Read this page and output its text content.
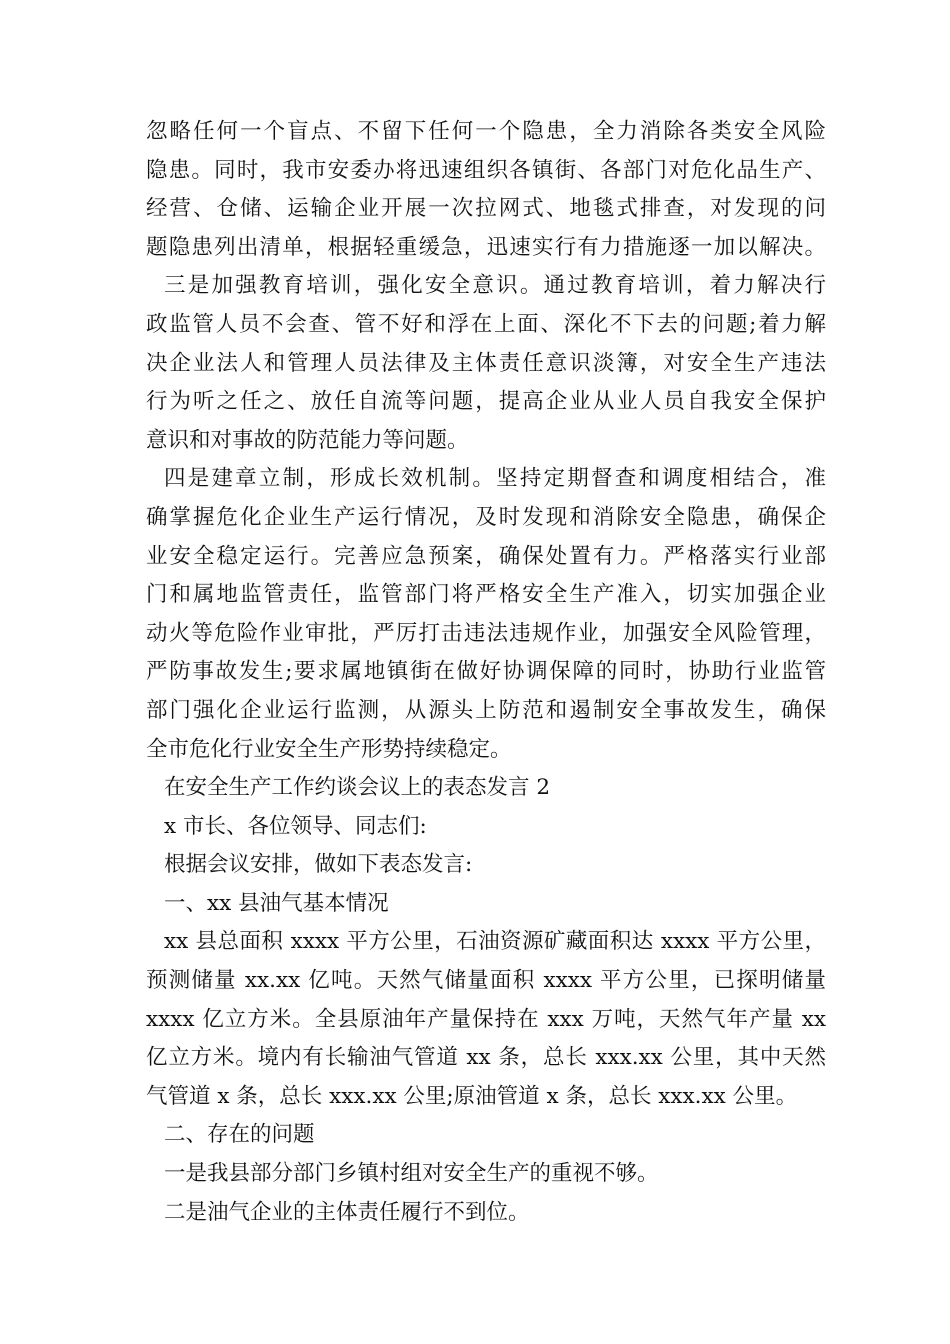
忽略任何一个盲点、不留下任何一个隐患，全力消除各类安全风险
隐患。同时，我市安委办将迅速组织各镇街、各部门对危化品生产、
经营、仓储、运输企业开展一次拉网式、地毯式排查，对发现的问
题隐患列出清单，根据轻重缓急，迅速实行有力措施逐一加以解决。
三是加强教育培训，强化安全意识。通过教育培训，着力解决行
政监管人员不会查、管不好和浮在上面、深化不下去的问题;着力解
决企业法人和管理人员法律及主体责任意识淡簿，对安全生产违法
行为听之任之、放任自流等问题，提高企业从业人员自我安全保护
意识和对事故的防范能力等问题。
四是建章立制，形成长效机制。坚持定期督查和调度相结合，准
确掌握危化企业生产运行情况，及时发现和消除安全隐患，确保企
业安全稳定运行。完善应急预案，确保处置有力。严格落实行业部
门和属地监管责任，监管部门将严格安全生产准入，切实加强企业
动火等危险作业审批，严厉打击违法违规作业，加强安全风险管理，
严防事故发生;要求属地镇街在做好协调保障的同时，协助行业监管
部门强化企业运行监测，从源头上防范和遏制安全事故发生，确保
全市危化行业安全生产形势持续稳定。
在安全生产工作约谈会议上的表态发言 2
x 市长、各位领导、同志们:
根据会议安排，做如下表态发言:
一、xx 县油气基本情况
xx 县总面积 xxxx 平方公里，石油资源矿藏面积达 xxxx 平方公里，
预测储量 xx.xx 亿吨。天然气储量面积 xxxx 平方公里，已探明储量
xxxx 亿立方米。全县原油年产量保持在 xxx 万吨，天然气年产量 xx
亿立方米。境内有长输油气管道 xx 条，总长 xxx.xx 公里，其中天然
气管道 x 条，总长 xxx.xx 公里;原油管道 x 条，总长 xxx.xx 公里。
二、存在的问题
一是我县部分部门乡镇村组对安全生产的重视不够。
二是油气企业的主体责任履行不到位。
